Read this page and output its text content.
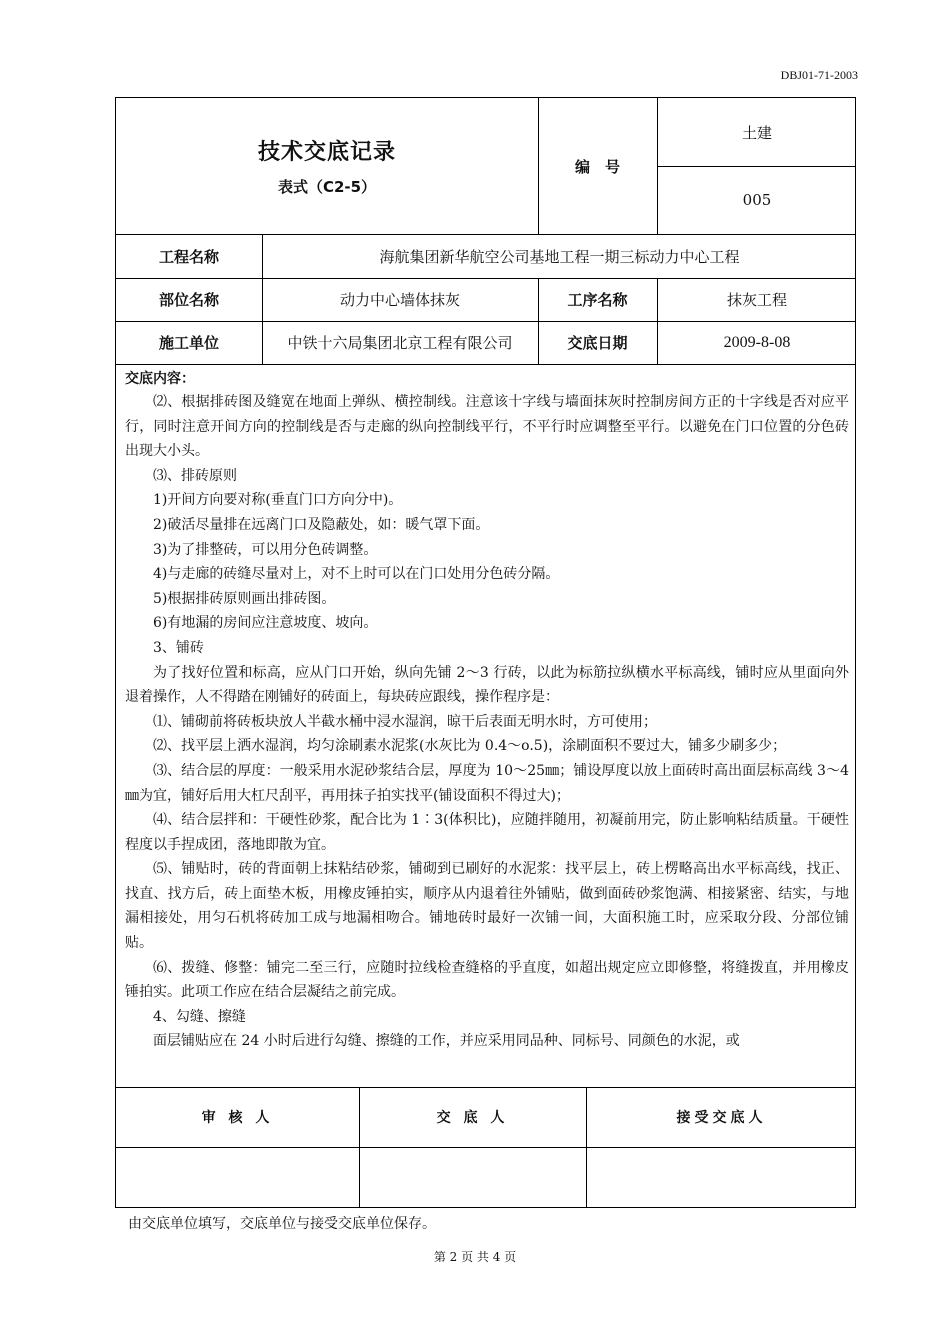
DBJ01-71-2003
技术交底记录
表式（C2-5）
编　号
土建
005
工程名称	海航集团新华航空公司基地工程一期三标动力中心工程
部位名称	动力中心墙体抹灰	工序名称	抹灰工程
施工单位	中铁十六局集团北京工程有限公司	交底日期	2009-8-08
交底内容：

⑵、根据排砖图及缝宽在地面上弹纵、横控制线。注意该十字线与墙面抹灰时控制房间方正的十字线是否对应平行，同时注意开间方向的控制线是否与走廊的纵向控制线平行，不平行时应调整至平行。以避免在门口位置的分色砖出现大小头。

⑶、排砖原则

1)开间方向要对称(垂直门口方向分中)。

2)破活尽量排在远离门口及隐蔽处，如：暖气罩下面。

3)为了排整砖，可以用分色砖调整。

4)与走廊的砖缝尽量对上，对不上时可以在门口处用分色砖分隔。

5)根据排砖原则画出排砖图。

6)有地漏的房间应注意坡度、坡向。

3、铺砖

为了找好位置和标高，应从门口开始，纵向先铺 2～3 行砖，以此为标筋拉纵横水平标高线，铺时应从里面向外退着操作，人不得踏在刚铺好的砖面上，每块砖应跟线，操作程序是：

⑴、铺砌前将砖板块放人半截水桶中浸水湿润，晾干后表面无明水时，方可使用；

⑵、找平层上洒水湿润，均匀涂刷素水泥浆(水灰比为 0.4～o.5)，涂刷面积不要过大，铺多少刷多少；

⑶、结合层的厚度：一般采用水泥砂浆结合层，厚度为 10～25㎜；铺设厚度以放上面砖时高出面层标高线 3～4㎜为宜，铺好后用大杠尺刮平，再用抹子拍实找平(铺设面积不得过大)；

⑷、结合层拌和：干硬性砂浆，配合比为 1∶3(体积比)，应随拌随用，初凝前用完，防止影响粘结质量。干硬性程度以手捏成团，落地即散为宜。

⑸、铺贴时，砖的背面朝上抹粘结砂浆，铺砌到已刷好的水泥浆：找平层上，砖上楞略高出水平标高线，找正、找直、找方后，砖上面垫木板，用橡皮锤拍实，顺序从内退着往外铺贴，做到面砖砂浆饱满、相接紧密、结实，与地漏相接处，用匀石机将砖加工成与地漏相吻合。铺地砖时最好一次铺一间，大面积施工时，应采取分段、分部位铺贴。

⑹、拨缝、修整：铺完二至三行，应随时拉线检查缝格的乎直度，如超出规定应立即修整，将缝拨直，并用橡皮锤拍实。此项工作应在结合层凝结之前完成。

4、勾缝、擦缝

面层铺贴应在 24 小时后进行勾缝、擦缝的工作，并应采用同品种、同标号、同颜色的水泥，或

审 核 人	交 底 人	接受交底人
由交底单位填写，交底单位与接受交底单位保存。
第 2 页 共 4 页
